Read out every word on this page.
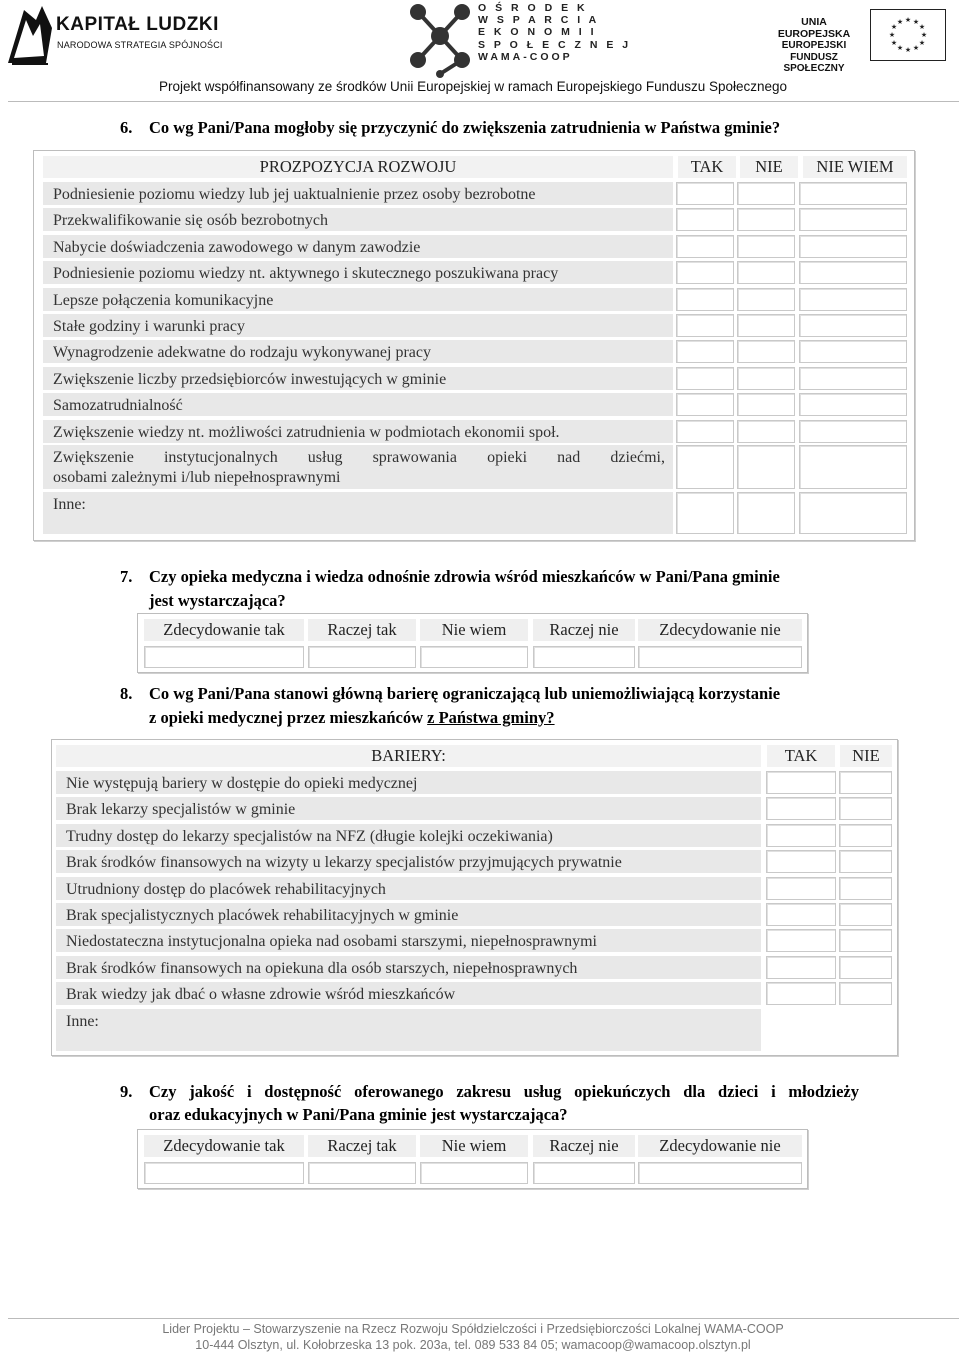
KAPITAŁ LUDZKI
NARODOWA STRATEGIA SPÓJNOŚCI
O Ś R O D E K
W S P A R C I A
E K O N O M I I
S P O Ł E C Z N E J
WAMA-COOP
UNIA EUROPEJSKA
EUROPEJSKI
FUNDUSZ SPOŁECZNY
★ ★
★
★
★
★
★
★
★
★
★
★
Projekt współfinansowany ze środków Unii Europejskiej w ramach Europejskiego Funduszu Społecznego
6. Co wg Pani/Pana mogłoby się przyczynić do zwiększenia zatrudnienia w Państwa gminie?
PROZPOZYCJA ROZWOJU	TAK	NIE	NIE WIEM
Podniesienie poziomu wiedzy lub jej uaktualnienie przez osoby bezrobotne
Przekwalifikowanie się osób bezrobotnych
Nabycie doświadczenia zawodowego w danym zawodzie
Podniesienie poziomu wiedzy nt. aktywnego i skutecznego poszukiwana pracy
Lepsze połączenia komunikacyjne
Stałe godziny i warunki pracy
Wynagrodzenie adekwatne do rodzaju wykonywanej pracy
Zwiększenie liczby przedsiębiorców inwestujących w gminie
Samozatrudnialność
Zwiększenie wiedzy nt. możliwości zatrudnienia w podmiotach ekonomii społ.
Zwiększenie instytucjonalnych usług sprawowania opieki nad dziećmi,
osobami zależnymi i/lub niepełnosprawnymi
Inne:
7. Czy opieka medyczna i wiedza odnośnie zdrowia wśród mieszkańców w Pani/Pana gminie
jest wystarczająca?
Zdecydowanie tak	Raczej tak	Nie wiem	Raczej nie	Zdecydowanie nie
8. Co wg Pani/Pana stanowi główną barierę ograniczającą lub uniemożliwiającą korzystanie
z opieki medycznej przez mieszkańców z Państwa gminy?
BARIERY:	TAK	NIE
Nie występują bariery w dostępie do opieki medycznej
Brak lekarzy specjalistów w gminie
Trudny dostęp do lekarzy specjalistów na NFZ (długie kolejki oczekiwania)
Brak środków finansowych na wizyty u lekarzy specjalistów przyjmujących prywatnie
Utrudniony dostęp do placówek rehabilitacyjnych
Brak specjalistycznych placówek rehabilitacyjnych w gminie
Niedostateczna instytucjonalna opieka nad osobami starszymi, niepełnosprawnymi
Brak środków finansowych na opiekuna dla osób starszych, niepełnosprawnych
Brak wiedzy jak dbać o własne zdrowie wśród mieszkańców
Inne:
9. Czy jakość i dostępność oferowanego zakresu usług opiekuńczych dla dzieci i młodzieży
oraz edukacyjnych w Pani/Pana gminie jest wystarczająca?
Zdecydowanie tak	Raczej tak	Nie wiem	Raczej nie	Zdecydowanie nie
Lider Projektu – Stowarzyszenie na Rzecz Rozwoju Spółdzielczości i Przedsiębiorczości Lokalnej WAMA-COOP
10-444 Olsztyn, ul. Kołobrzeska 13 pok. 203a, tel. 089 533 84 05; wamacoop@wamacoop.olsztyn.pl
